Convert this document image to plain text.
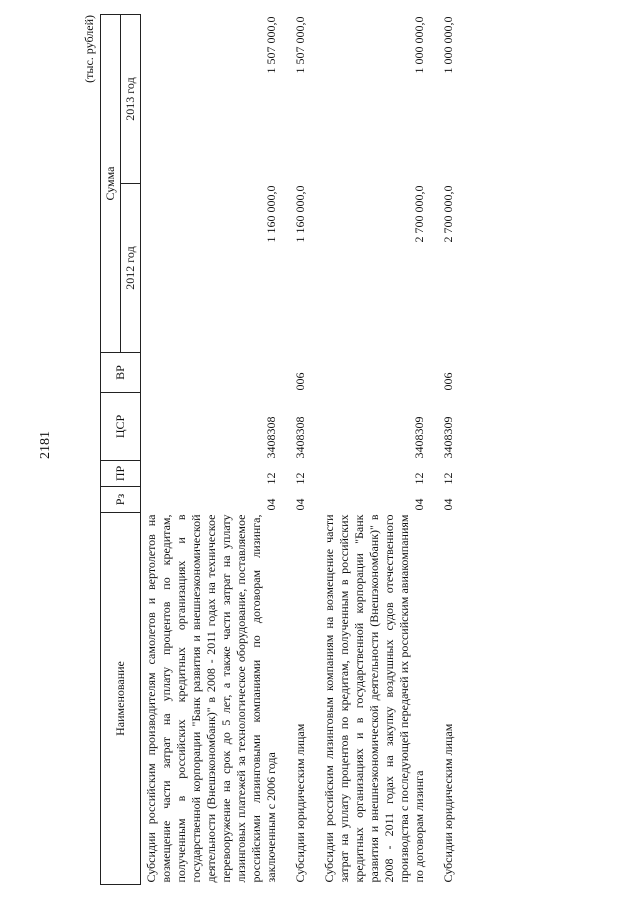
2181
(тыс. рублей)
Наименование	Рз	ПР	ЦСР	ВР	Сумма	
					2012 год	2013 год
Субсидии российским производителям самолетов и вертолетов на возмещение части затрат на уплату процентов по кредитам, полученным в российских кредитных организациях и в государственной корпорации "Банк развития и внешнеэкономической деятельности (Внешэкономбанк)" в 2008 - 2011 годах на техническое перевооружение на срок до 5 лет, а также части затрат на уплату лизинговых платежей за технологическое оборудование, поставляемое российскими лизинговыми компаниями по договорам лизинга, заключенным с 2006 года	04	12	3408308		1 160 000,0	1 507 000,0

Субсидии юридическим лицам	04	12	3408308	006	1 160 000,0	1 507 000,0

Субсидии российским лизинговым компаниям на возмещение части затрат на уплату процентов по кредитам, полученным в российских кредитных организациях и в государственной корпорации "Банк развития и внешнеэкономической деятельности (Внешэкономбанк)" в 2008 - 2011 годах на закупку воздушных судов отечественного производства с последующей передачей их российским авиакомпаниям по договорам лизинга	04	12	3408309		2 700 000,0	1 000 000,0

Субсидии юридическим лицам	04	12	3408309	006	2 700 000,0	1 000 000,0
